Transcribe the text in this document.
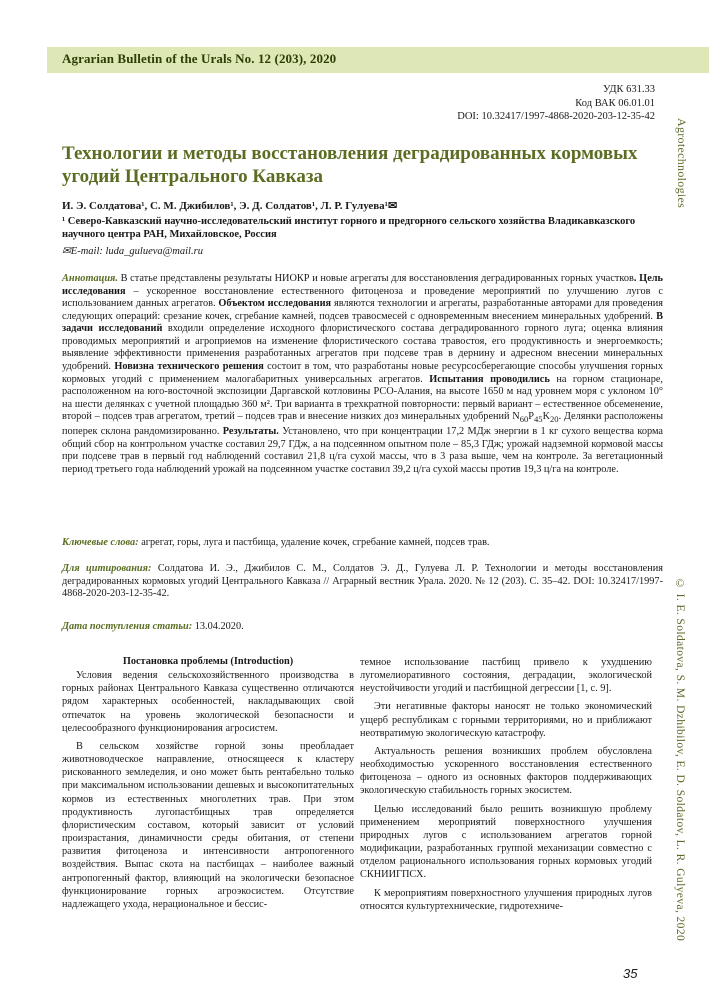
Agrarian Bulletin of the Urals No. 12 (203), 2020
УДК 631.33
Код ВАК 06.01.01
DOI: 10.32417/1997-4868-2020-203-12-35-42
Agrotechnologies
© I. E. Soldatova, S. M. Dzhibilov, E. D. Soldatov, L. R. Gulyeva, 2020
Технологии и методы восстановления деградированных кормовых угодий Центрального Кавказа
И. Э. Солдатова¹, С. М. Джибилов¹, Э. Д. Солдатов¹, Л. Р. Гулуева¹✉
¹ Северо-Кавказский научно-исследовательский институт горного и предгорного сельского хозяйства Владикавказского научного центра РАН, Михайловское, Россия
✉E-mail: luda_gulueva@mail.ru
Аннотация. В статье представлены результаты НИОКР и новые агрегаты для восстановления деградированных горных участков. Цель исследования – ускоренное восстановление естественного фитоценоза и проведение мероприятий по улучшению лугов с использованием данных агрегатов. Объектом исследования являются технологии и агрегаты, разработанные авторами для проведения следующих операций: срезание кочек, сгребание камней, подсев травосмесей с одновременным внесением минеральных удобрений. В задачи исследований входили определение исходного флористического состава деградированного горного луга; оценка влияния проводимых мероприятий и агроприемов на изменение флористического состава травостоя, его продуктивность и энергоемкость; выявление эффективности применения разработанных агрегатов при подсеве трав в дернину и адресном внесении минеральных удобрений. Новизна технического решения состоит в том, что разработаны новые ресурсосберегающие способы улучшения горных кормовых угодий с применением малогабаритных универсальных агрегатов. Испытания проводились на горном стационаре, расположенном на юго-восточной экспозиции Даргавской котловины РСО-Алания, на высоте 1650 м над уровнем моря с уклоном 10° на шести делянках с учетной площадью 360 м². Три варианта в трехкратной повторности: первый вариант – естественное обсеменение, второй – подсев трав агрегатом, третий – подсев трав и внесение низких доз минеральных удобрений $N_{60}P_{45}K_{20}$. Делянки расположены поперек склона рандомизированно. Результаты. Установлено, что при концентрации 17,2 МДж энергии в 1 кг сухого вещества корма общий сбор на контрольном участке составил 29,7 ГДж, а на подсеянном опытном поле – 85,3 ГДж; урожай надземной кормовой массы при подсеве трав в первый год наблюдений составил 21,8 ц/га сухой массы, что в 3 раза выше, чем на контроле. За вегетационный период третьего года наблюдений урожай на подсеянном участке составил 39,2 ц/га сухой массы против 19,3 ц/га на контроле.
Ключевые слова: агрегат, горы, луга и пастбища, удаление кочек, сгребание камней, подсев трав.
Для цитирования: Солдатова И. Э., Джибилов С. М., Солдатов Э. Д., Гулуева Л. Р. Технологии и методы восстановления деградированных кормовых угодий Центрального Кавказа // Аграрный вестник Урала. 2020. № 12 (203). С. 35–42. DOI: 10.32417/1997-4868-2020-203-12-35-42.
Дата поступления статьи: 13.04.2020.
Постановка проблемы (Introduction)

Условия ведения сельскохозяйственного производства в горных районах Центрального Кавказа существенно отличаются рядом характерных особенностей, накладывающих свой отпечаток на уровень экологической безопасности и целесообразного функционирования агросистем.

В сельском хозяйстве горной зоны преобладает животноводческое направление, относящееся к кластеру рискованного земледелия, и оно может быть рентабельно только при максимальном использовании дешевых и высокопитательных кормов из естественных многолетних трав. При этом продуктивность лугопастбищных трав определяется флористическим составом, который зависит от условий произрастания, динамичности среды обитания, от степени развития фитоценоза и интенсивности антропогенного воздействия. Выпас скота на пастбищах – наиболее важный антропогенный фактор, влияющий на экологически безопасное функционирование горных агроэкосистем. Отсутствие надлежащего ухода, нерациональное и бессис-

темное использование пастбищ привело к ухудшению лугомелиоративного состояния, деградации, экологической неустойчивости угодий и пастбищной дегрессии [1, с. 9].

Эти негативные факторы наносят не только экономический ущерб республикам с горными территориями, но и приближают неотвратимую экологическую катастрофу.

Актуальность решения возникших проблем обусловлена необходимостью ускоренного восстановления естественного фитоценоза – одного из основных факторов поддерживающих экологическую стабильность горных экосистем.

Целью исследований было решить возникшую проблему применением мероприятий поверхностного улучшения природных лугов с использованием агрегатов горной модификации, разработанных группой механизации совместно с отделом рационального использования горных кормовых угодий СКНИИГПСХ.

К мероприятиям поверхностного улучшения природных лугов относятся культуртехнические, гидротехниче-

35
